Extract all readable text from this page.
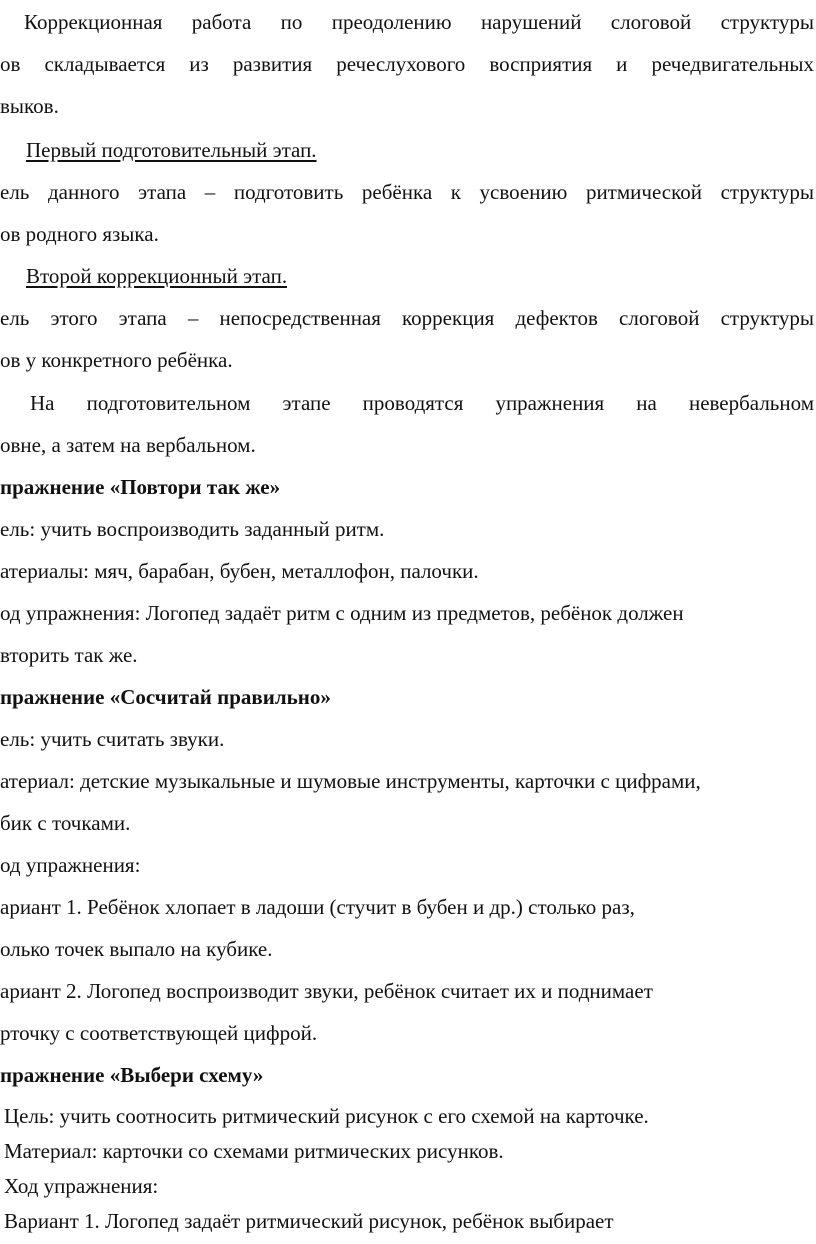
Коррекционная работа по преодолению нарушений слоговой структуры
ов складывается из развития речеслухового восприятия и речедвигательных
выков.
Первый подготовительный этап.
ель данного этапа – подготовить ребёнка к усвоению ритмической структуры
ов родного языка.
Второй коррекционный этап.
ель этого этапа – непосредственная коррекция дефектов слоговой структуры
ов у конкретного ребёнка.
На подготовительном этапе проводятся упражнения на невербальном
овне, а затем на вербальном.
пражнение «Повтори так же»
ель: учить воспроизводить заданный ритм.
атериалы: мяч, барабан, бубен, металлофон, палочки.
од упражнения: Логопед задаёт ритм с одним из предметов, ребёнок должен
вторить так же.
пражнение «Сосчитай правильно»
ель: учить считать звуки.
атериал: детские музыкальные и шумовые инструменты, карточки с цифрами,
бик с точками.
од упражнения:
ариант 1. Ребёнок хлопает в ладоши (стучит в бубен и др.) столько раз,
олько точек выпало на кубике.
ариант 2. Логопед воспроизводит звуки, ребёнок считает их и поднимает
рточку с соответствующей цифрой.
пражнение «Выбери схему»
Цель: учить соотносить ритмический рисунок с его схемой на карточке.
Материал: карточки со схемами ритмических рисунков.
Ход упражнения:
Вариант 1. Логопед задаёт ритмический рисунок, ребёнок выбирает
